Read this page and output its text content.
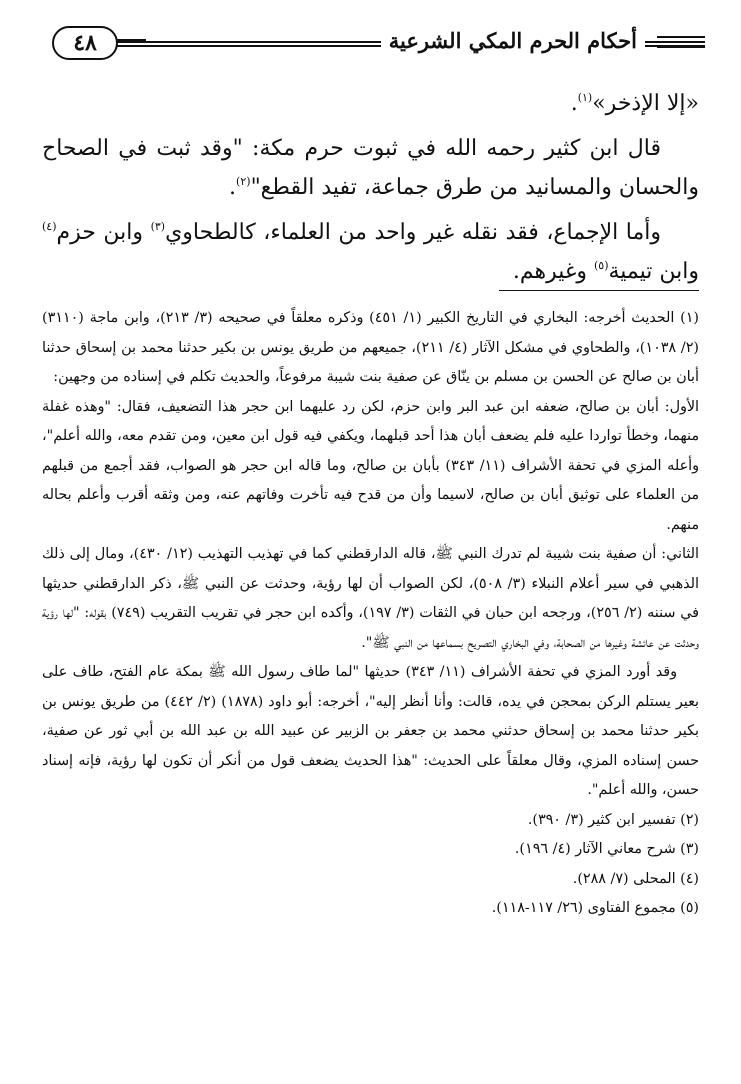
أحكام الحرم المكي الشرعية
٤٨

«إلا الإذخر»$^{(١)}$.

قال ابن كثير رحمه الله في ثبوت حرم مكة: "وقد ثبت في الصحاح والحسان والمسانيد من طرق جماعة، تفيد القطع"$^{(٢)}$.

وأما الإجماع، فقد نقله غير واحد من العلماء، كالطحاوي$^{(٣)}$ وابن حزم$^{(٤)}$ وابن تيمية$^{(٥)}$ وغيرهم.

(١) الحديث أخرجه: البخاري في التاريخ الكبير (١/ ٤٥١) وذكره معلقاً في صحيحه (٣/ ٢١٣)، وابن ماجة (٣١١٠) (٢/ ١٠٣٨)، والطحاوي في مشكل الآثار (٤/ ٢١١)، جميعهم من طريق يونس بن بكير حدثنا محمد بن إسحاق حدثنا أبان بن صالح عن الحسن بن مسلم بن ينّاق عن صفية بنت شيبة مرفوعاً، والحديث تكلم في إسناده من وجهين:

الأول: أبان بن صالح، ضعفه ابن عبد البر وابن حزم، لكن رد عليهما ابن حجر هذا التضعيف، فقال: "وهذه غفلة منهما، وخطأ تواردا عليه فلم يضعف أبان هذا أحد قبلهما، ويكفي فيه قول ابن معين، ومن تقدم معه، والله أعلم"، وأعله المزي في تحفة الأشراف (١١/ ٣٤٣) بأبان بن صالح، وما قاله ابن حجر هو الصواب، فقد أجمع من قبلهم من العلماء على توثيق أبان بن صالح، لاسيما وأن من قدح فيه تأخرت وفاتهم عنه، ومن وثقه أقرب وأعلم بحاله منهم.

الثاني: أن صفية بنت شيبة لم تدرك النبي ﷺ، قاله الدارقطني كما في تهذيب التهذيب (١٢/ ٤٣٠)، ومال إلى ذلك الذهبي في سير أعلام النبلاء (٣/ ٥٠٨)، لكن الصواب أن لها رؤية، وحدثت عن النبي ﷺ، ذكر الدارقطني حديثها في سننه (٢/ ٢٥٦)، ورجحه ابن حبان في الثقات (٣/ ١٩٧)، وأكده ابن حجر في تقريب التقريب (٧٤٩) بقوله: "لها رؤية وحدثت عن عائشة وغيرها من الصحابة، وفي البخاري التصريح بسماعها من النبي ﷺ".

وقد أورد المزي في تحفة الأشراف (١١/ ٣٤٣) حديثها "لما طاف رسول الله ﷺ بمكة عام الفتح، طاف على بعير يستلم الركن بمحجن في يده، قالت: وأنا أنظر إليه"، أخرجه: أبو داود (١٨٧٨) (٢/ ٤٤٢) من طريق يونس بن بكير حدثنا محمد بن إسحاق حدثني محمد بن جعفر بن الزبير عن عبيد الله بن عبد الله بن أبي ثور عن صفية، حسن إسناده المزي، وقال معلقاً على الحديث: "هذا الحديث يضعف قول من أنكر أن تكون لها رؤية، فإنه إسناد حسن، والله أعلم".

(٢) تفسير ابن كثير (٣/ ٣٩٠).

(٣) شرح معاني الآثار (٤/ ١٩٦).

(٤) المحلى (٧/ ٢٨٨).

(٥) مجموع الفتاوى (٢٦/ ١١٧-١١٨).
